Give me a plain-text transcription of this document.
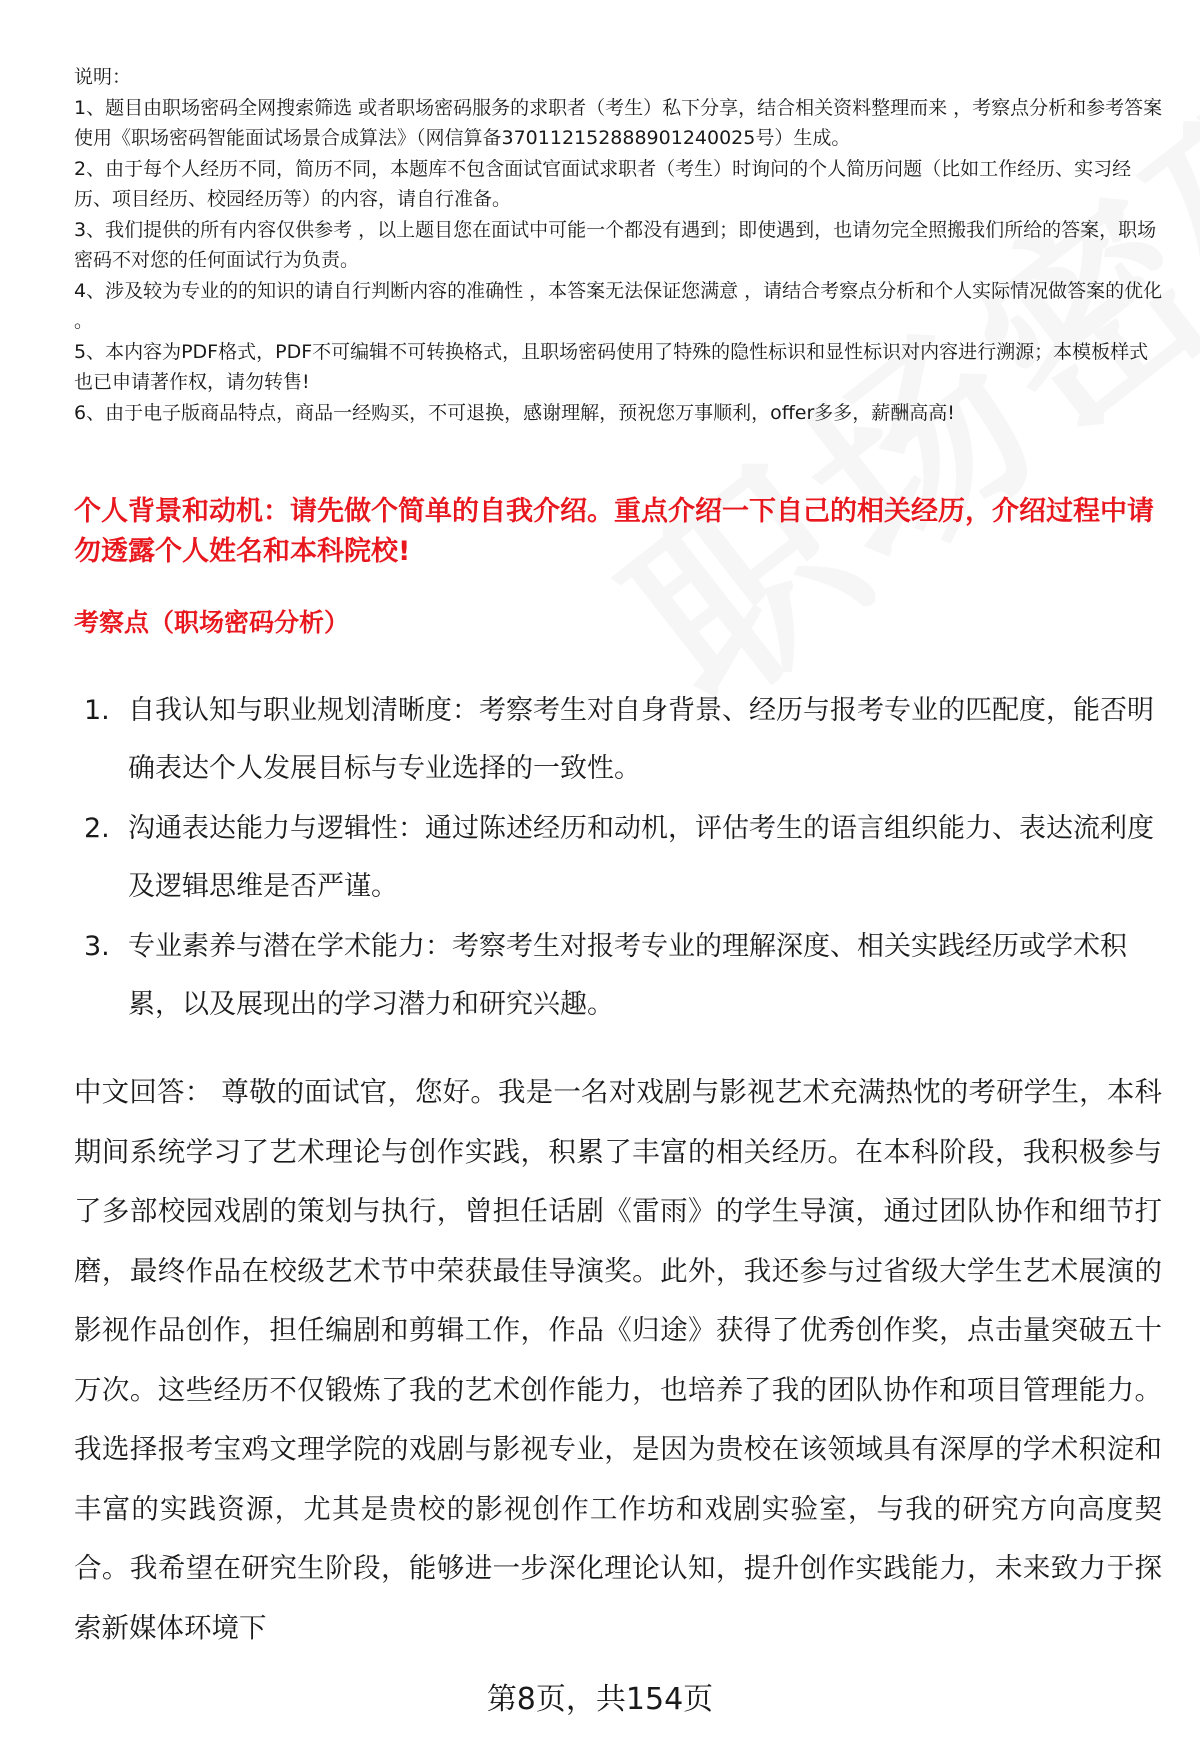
说明：

1、题目由职场密码全网搜索筛选 或者职场密码服务的求职者（考生）私下分享，结合相关资料整理而来 ，考察点分析和参考答案使用《职场密码智能面试场景合成算法》（网信算备370112152888901240025号）生成。

2、由于每个人经历不同，简历不同，本题库不包含面试官面试求职者（考生）时询问的个人简历问题（比如工作经历、实习经历、项目经历、校园经历等）的内容，请自行准备。

3、我们提供的所有内容仅供参考 ，以上题目您在面试中可能一个都没有遇到；即使遇到，也请勿完全照搬我们所给的答案，职场密码不对您的任何面试行为负责。

4、涉及较为专业的的知识的请自行判断内容的准确性 ，本答案无法保证您满意 ，请结合考察点分析和个人实际情况做答案的优化 。

5、本内容为PDF格式，PDF不可编辑不可转换格式，且职场密码使用了特殊的隐性标识和显性标识对内容进行溯源；本模板样式也已申请著作权，请勿转售!

6、由于电子版商品特点，商品一经购买，不可退换，感谢理解，预祝您万事顺利，offer多多，薪酬高高!

个人背景和动机：请先做个简单的自我介绍。重点介绍一下自己的相关经历，介绍过程中请勿透露个人姓名和本科院校!
考察点（职场密码分析）
1. 自我认知与职业规划清晰度：考察考生对自身背景、经历与报考专业的匹配度，能否明确表达个人发展目标与专业选择的一致性。
2. 沟通表达能力与逻辑性：通过陈述经历和动机，评估考生的语言组织能力、表达流利度及逻辑思维是否严谨。
3. 专业素养与潜在学术能力：考察考生对报考专业的理解深度、相关实践经历或学术积累，以及展现出的学习潜力和研究兴趣。
中文回答： 尊敬的面试官，您好。我是一名对戏剧与影视艺术充满热忱的考研学生，本科期间系统学习了艺术理论与创作实践，积累了丰富的相关经历。在本科阶段，我积极参与了多部校园戏剧的策划与执行，曾担任话剧《雷雨》的学生导演，通过团队协作和细节打磨，最终作品在校级艺术节中荣获最佳导演奖。此外，我还参与过省级大学生艺术展演的影视作品创作，担任编剧和剪辑工作，作品《归途》获得了优秀创作奖，点击量突破五十万次。这些经历不仅锻炼了我的艺术创作能力，也培养了我的团队协作和项目管理能力。我选择报考宝鸡文理学院的戏剧与影视专业，是因为贵校在该领域具有深厚的学术积淀和丰富的实践资源，尤其是贵校的影视创作工作坊和戏剧实验室，与我的研究方向高度契合。我希望在研究生阶段，能够进一步深化理论认知，提升创作实践能力，未来致力于探索新媒体环境下
第8页，共154页
